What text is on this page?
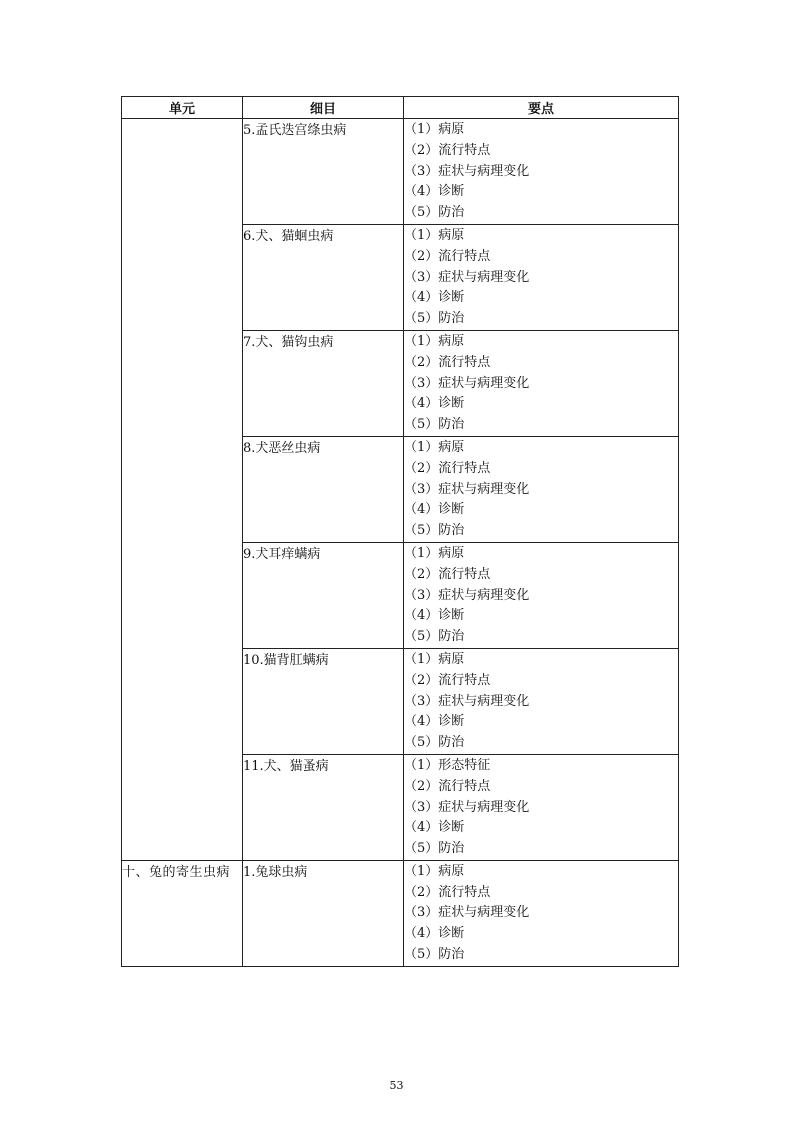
单元	细目	要点
	5.孟氏迭宫绦虫病	（1）病原
（2）流行特点
（3）症状与病理变化
（4）诊断
（5）防治

	6.犬、猫蛔虫病	（1）病原
（2）流行特点
（3）症状与病理变化
（4）诊断
（5）防治

	7.犬、猫钩虫病	（1）病原
（2）流行特点
（3）症状与病理变化
（4）诊断
（5）防治

	8.犬恶丝虫病	（1）病原
（2）流行特点
（3）症状与病理变化
（4）诊断
（5）防治

	9.犬耳痒螨病	（1）病原
（2）流行特点
（3）症状与病理变化
（4）诊断
（5）防治

	10.猫背肛螨病	（1）病原
（2）流行特点
（3）症状与病理变化
（4）诊断
（5）防治

	11.犬、猫蚤病	（1）形态特征
（2）流行特点
（3）症状与病理变化
（4）诊断
（5）防治

十、兔的寄生虫病	1.兔球虫病	（1）病原
（2）流行特点
（3）症状与病理变化
（4）诊断
（5）防治
53
